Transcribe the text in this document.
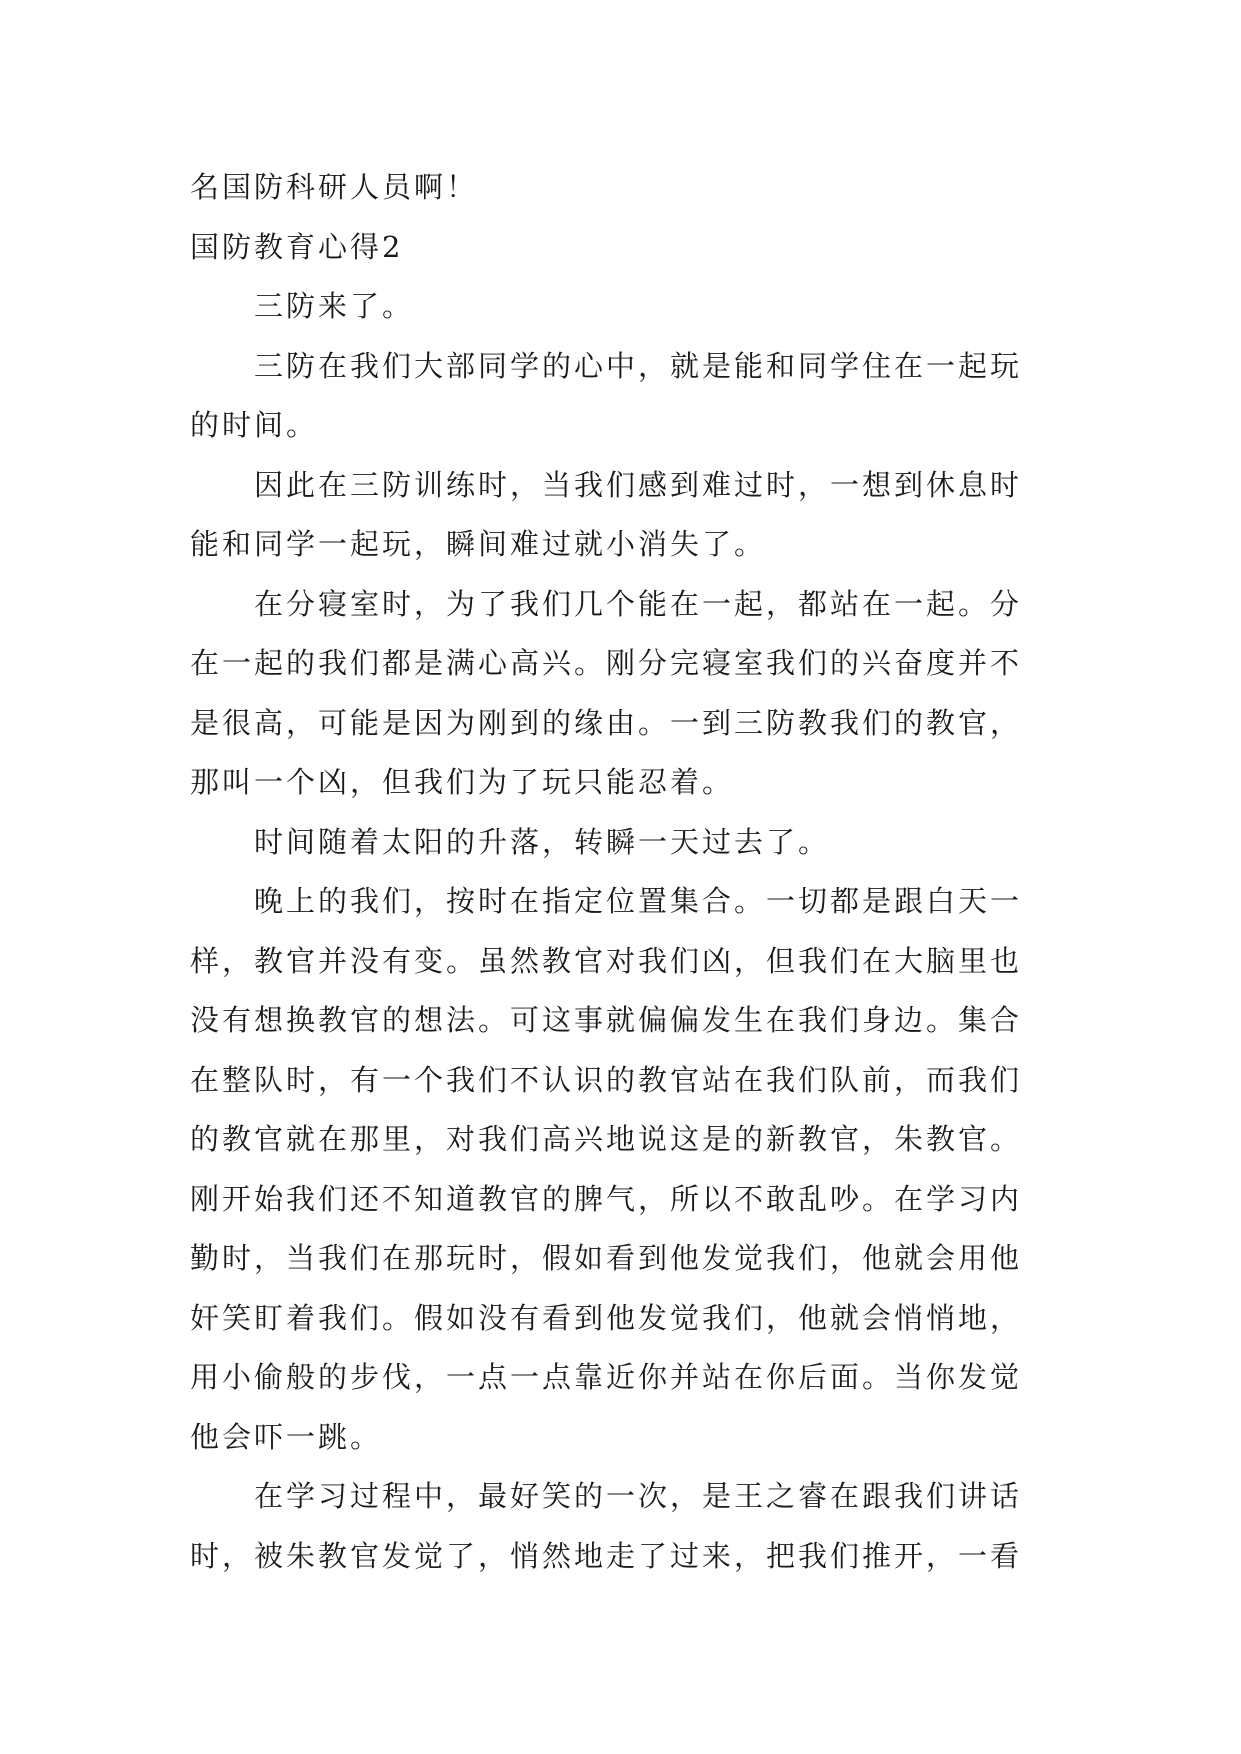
名国防科研人员啊！
国防教育心得2
三防来了。
三防在我们大部同学的心中，就是能和同学住在一起玩
的时间。
因此在三防训练时，当我们感到难过时，一想到休息时
能和同学一起玩，瞬间难过就小消失了。
在分寝室时，为了我们几个能在一起，都站在一起。分
在一起的我们都是满心高兴。刚分完寝室我们的兴奋度并不
是很高，可能是因为刚到的缘由。一到三防教我们的教官，
那叫一个凶，但我们为了玩只能忍着。
时间随着太阳的升落，转瞬一天过去了。
晚上的我们，按时在指定位置集合。一切都是跟白天一
样，教官并没有变。虽然教官对我们凶，但我们在大脑里也
没有想换教官的想法。可这事就偏偏发生在我们身边。集合
在整队时，有一个我们不认识的教官站在我们队前，而我们
的教官就在那里，对我们高兴地说这是的新教官，朱教官。
刚开始我们还不知道教官的脾气，所以不敢乱吵。在学习内
勤时，当我们在那玩时，假如看到他发觉我们，他就会用他
奸笑盯着我们。假如没有看到他发觉我们，他就会悄悄地，
用小偷般的步伐，一点一点靠近你并站在你后面。当你发觉
他会吓一跳。
在学习过程中，最好笑的一次，是王之睿在跟我们讲话
时，被朱教官发觉了，悄然地走了过来，把我们推开，一看
